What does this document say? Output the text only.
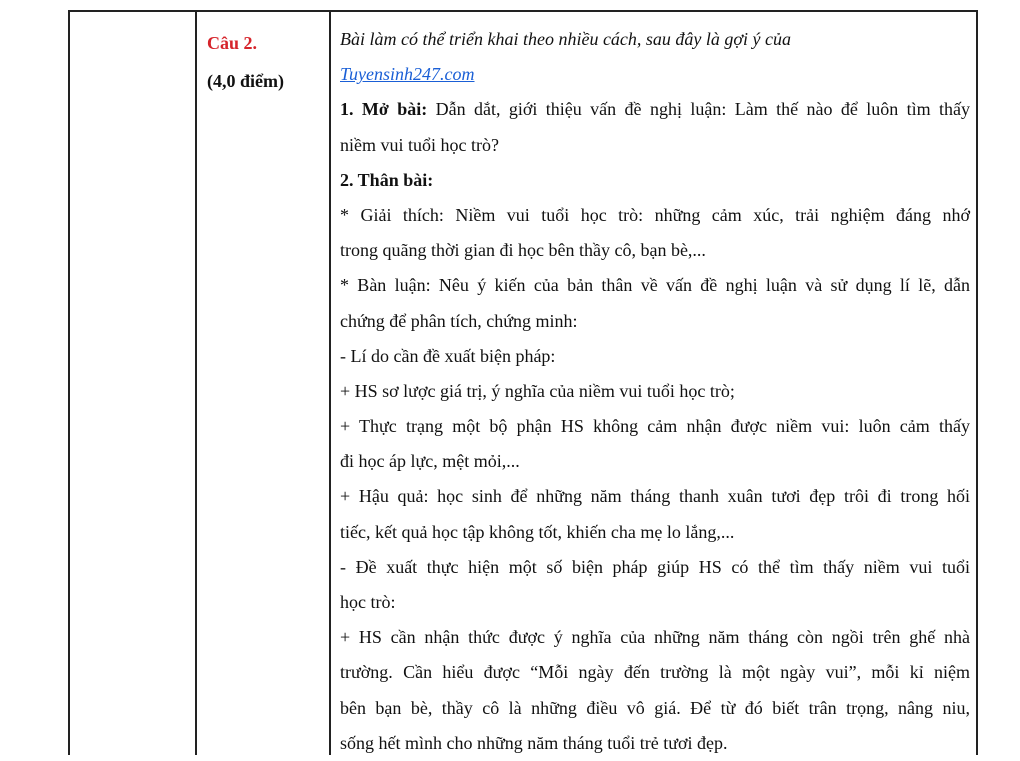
Câu 2.
(4,0 điểm)
Bài làm có thể triển khai theo nhiều cách, sau đây là gợi ý của
Tuyensinh247.com
1. Mở bài: Dẫn dắt, giới thiệu vấn đề nghị luận: Làm thế nào để luôn tìm thấy
niềm vui tuổi học trò?
2. Thân bài:
* Giải thích: Niềm vui tuổi học trò: những cảm xúc, trải nghiệm đáng nhớ
trong quãng thời gian đi học bên thầy cô, bạn bè,...
* Bàn luận: Nêu ý kiến của bản thân về vấn đề nghị luận và sử dụng lí lẽ, dẫn
chứng để phân tích, chứng minh:
- Lí do cần đề xuất biện pháp:
+ HS sơ lược giá trị, ý nghĩa của niềm vui tuổi học trò;
+ Thực trạng một bộ phận HS không cảm nhận được niềm vui: luôn cảm thấy
đi học áp lực, mệt mỏi,...
+ Hậu quả: học sinh để những năm tháng thanh xuân tươi đẹp trôi đi trong hối
tiếc, kết quả học tập không tốt, khiến cha mẹ lo lắng,...
- Đề xuất thực hiện một số biện pháp giúp HS có thể tìm thấy niềm vui tuổi
học trò:
+ HS cần nhận thức được ý nghĩa của những năm tháng còn ngồi trên ghế nhà
trường. Cần hiểu được “Mỗi ngày đến trường là một ngày vui”, mỗi kỉ niệm
bên bạn bè, thầy cô là những điều vô giá. Để từ đó biết trân trọng, nâng niu,
sống hết mình cho những năm tháng tuổi trẻ tươi đẹp.
